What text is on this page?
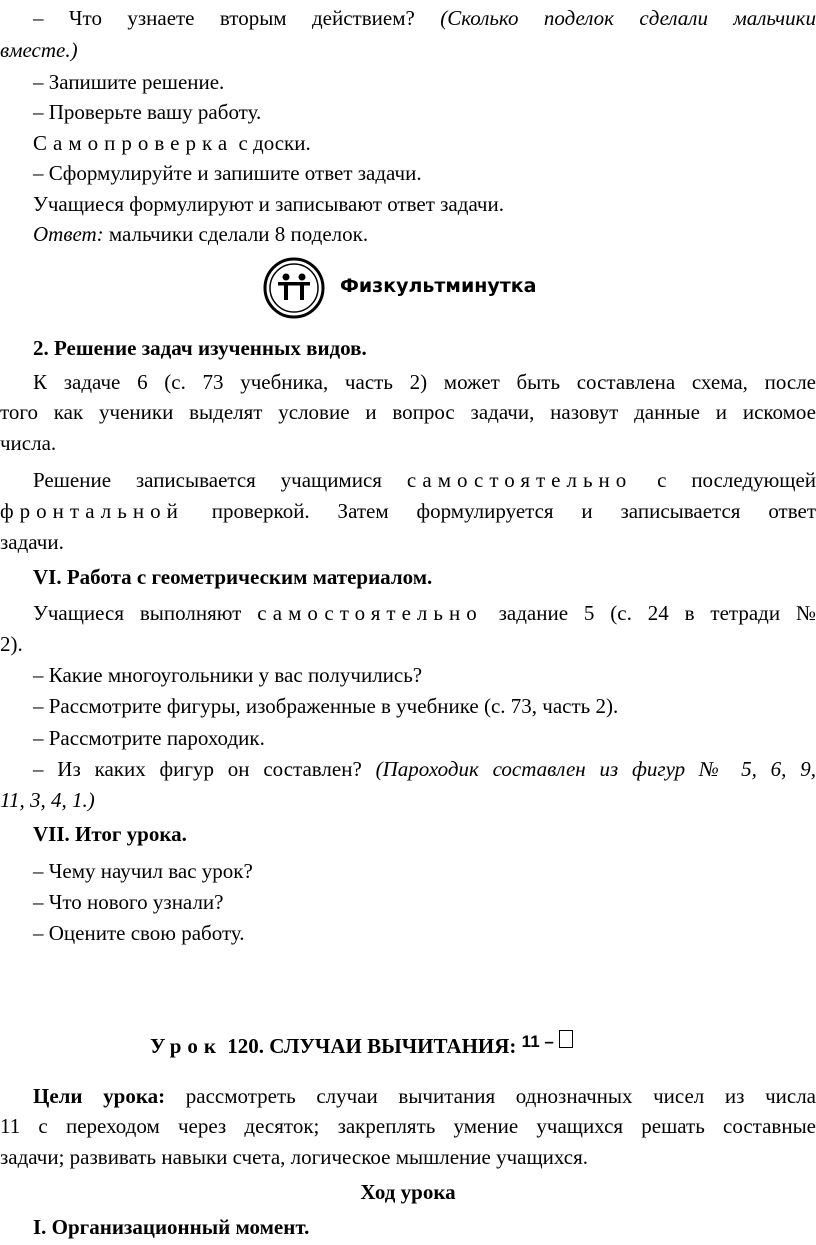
– Что узнаете вторым действием? (Сколько поделок сделали мальчики

вместе.)

– Запишите решение.

– Проверьте вашу работу.

Самопроверка с доски.

– Сформулируйте и запишите ответ задачи.

Учащиеся формулируют и записывают ответ задачи.

Ответ: мальчики сделали 8 поделок.

Физкультминутка

2. Решение задач изученных видов.

К задаче 6 (с. 73 учебника, часть 2) может быть составлена схема, после

того как ученики выделят условие и вопрос задачи, назовут данные и искомое

числа.

Решение записывается учащимися самостоятельно с последующей

фронтальной проверкой. Затем формулируется и записывается ответ

задачи.

VI. Работа с геометрическим материалом.

Учащиеся выполняют самостоятельно задание 5 (с. 24 в тетради №

2).

– Какие многоугольники у вас получились?

– Рассмотрите фигуры, изображенные в учебнике (с. 73, часть 2).

– Рассмотрите пароходик.

– Из каких фигур он составлен? (Пароходик составлен из фигур № 5, 6, 9,

11, 3, 4, 1.)

VII. Итог урока.

– Чему научил вас урок?

– Что нового узнали?

– Оцените свою работу.

Урок 120. СЛУЧАИ ВЫЧИТАНИЯ: $^{11 -}$

Цели урока: рассмотреть случаи вычитания однозначных чисел из числа

11 с переходом через десяток; закреплять умение учащихся решать составные

задачи; развивать навыки счета, логическое мышление учащихся.

Ход урока

I. Организационный момент.
